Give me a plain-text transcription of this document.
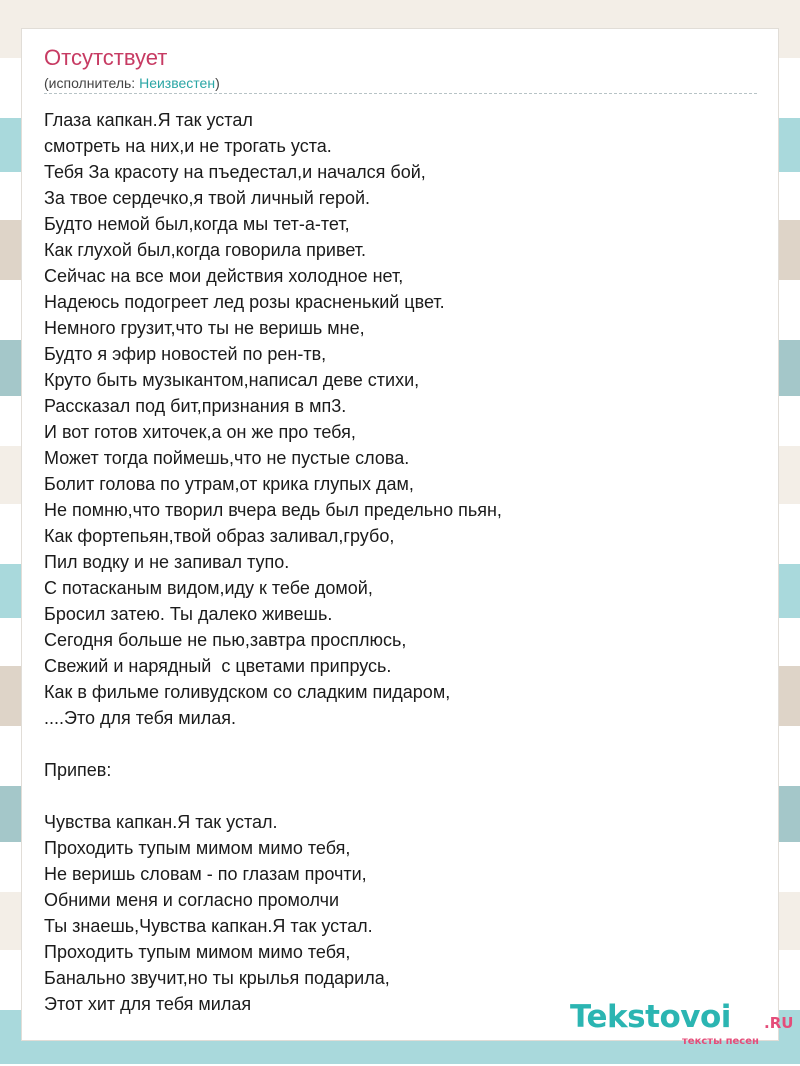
Отсутствует
(исполнитель: Неизвестен)
Глаза капкан.Я так устал
смотреть на них,и не трогать уста.
Тебя За красоту на пъедестал,и начался бой,
За твое сердечко,я твой личный герой.
Будто немой был,когда мы тет-а-тет,
Как глухой был,когда говорила привет.
Сейчас на все мои действия холодное нет,
Надеюсь подогреет лед розы красненький цвет.
Немного грузит,что ты не веришь мне,
Будто я эфир новостей по рен-тв,
Круто быть музыкантом,написал деве стихи,
Рассказал под бит,признания в мп3.
И вот готов хиточек,а он же про тебя,
Может тогда поймешь,что не пустые слова.
Болит голова по утрам,от крика глупых дам,
Не помню,что творил вчера ведь был предельно пьян,
Как фортепьян,твой образ заливал,грубо,
Пил водку и не запивал тупо.
С потасканым видом,иду к тебе домой,
Бросил затею. Ты далеко живешь.
Сегодня больше не пью,завтра просплюсь,
Свежий и нарядный  с цветами припрусь.
Как в фильме голивудском со сладким пидаром,
....Это для тебя милая.

Припев:

Чувства капкан.Я так устал.
Проходить тупым мимом мимо тебя,
Не веришь словам - по глазам прочти,
Обними меня и согласно промолчи
Ты знаешь,Чувства капкан.Я так устал.
Проходить тупым мимом мимо тебя,
Банально звучит,но ты крылья подарила,
Этот хит для тебя милая	Tekstovoi .RU
тексты песен
